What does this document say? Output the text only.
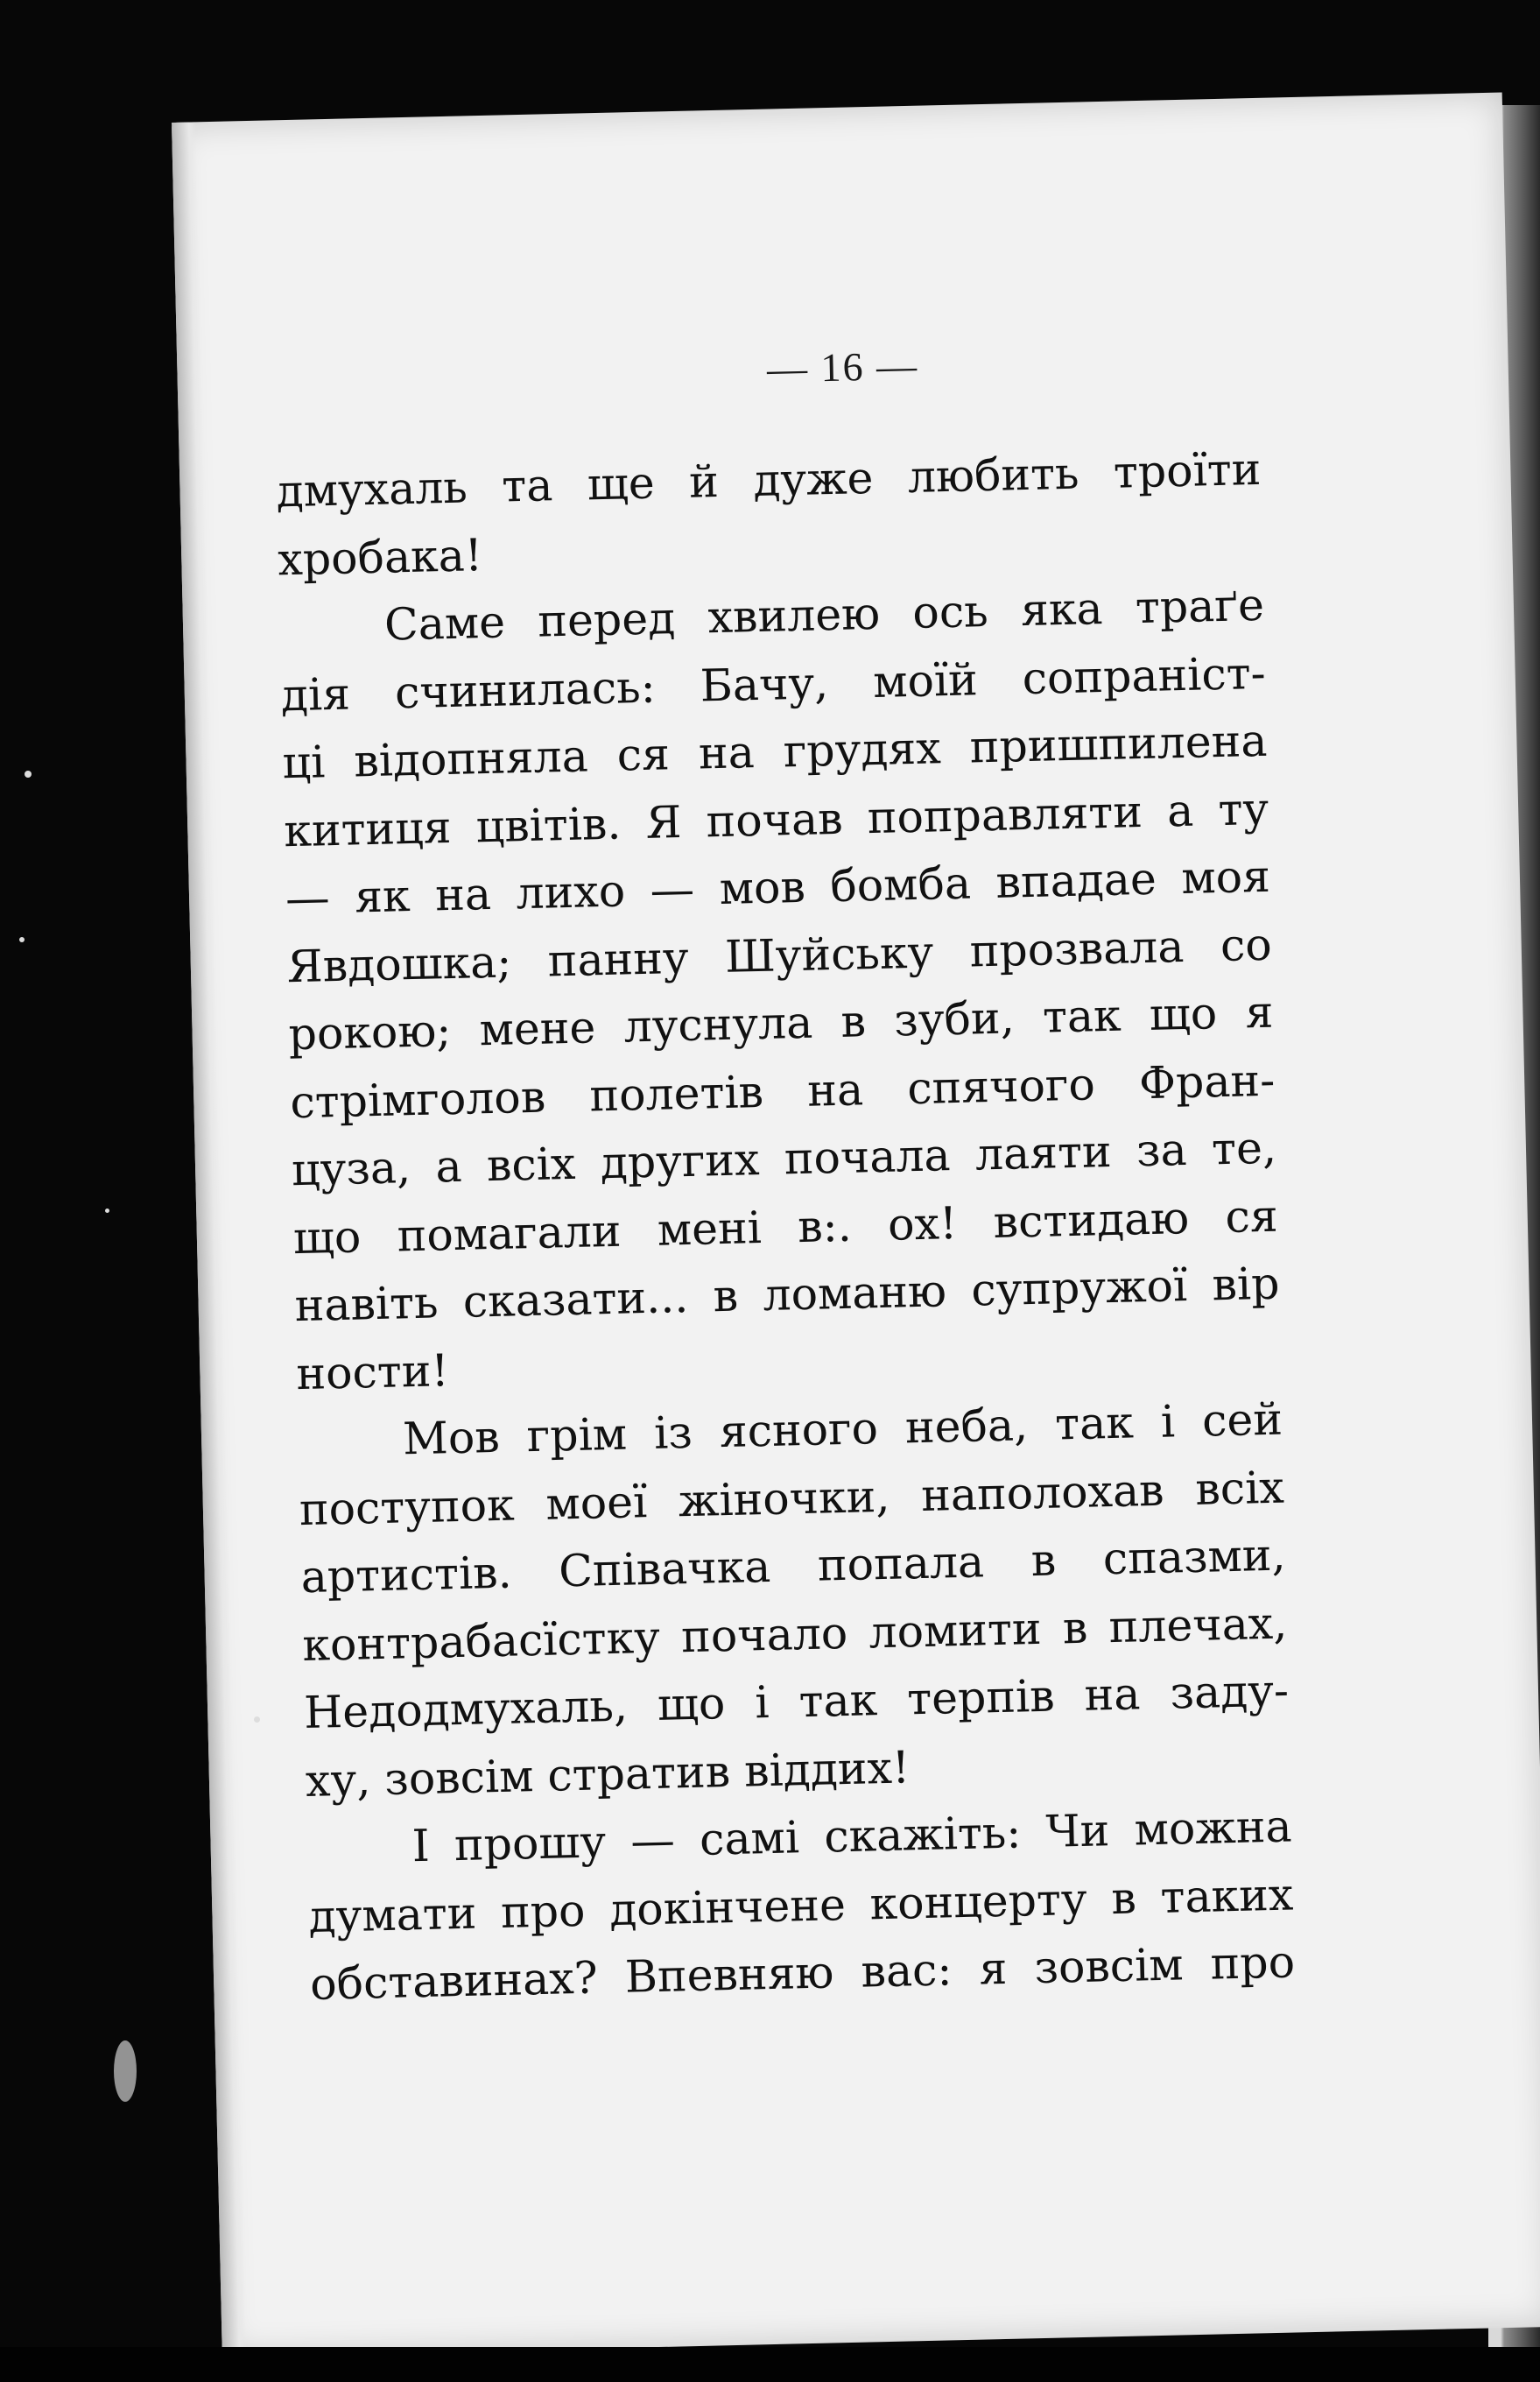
— 16 —

дмухаль та ще й дуже любить троїти
хробака!

Саме перед хвилею ось яка траґе
дія счинилась: Бачу, моїй сопраніст-
ці відопняла ся на грудях пришпилена
китиця цвітів. Я почав поправляти а ту
— як на лихо — мов бомба впадае моя
Явдошка; панну Шуйську прозвала со
рокою; мене луснула в зуби, так що я
стрімголов полетів на спячого Фран-
цуза, а всіх других почала лаяти за те,
що помагали мені в:. ох! встидаю ся
навіть сказати... в ломаню супружої вір
ности!

Мов грім із ясного неба, так і сей
поступок моеї жіночки, наполохав всіх
артистів. Співачка попала в спазми,
контрабасїстку почало ломити в плечах,
Недодмухаль, що і так терпів на заду-
ху, зовсім стратив віддих!

І прошу — самі скажіть: Чи можна
думати про докінчене концерту в таких
обставинах? Впевняю вас: я зовсім про
